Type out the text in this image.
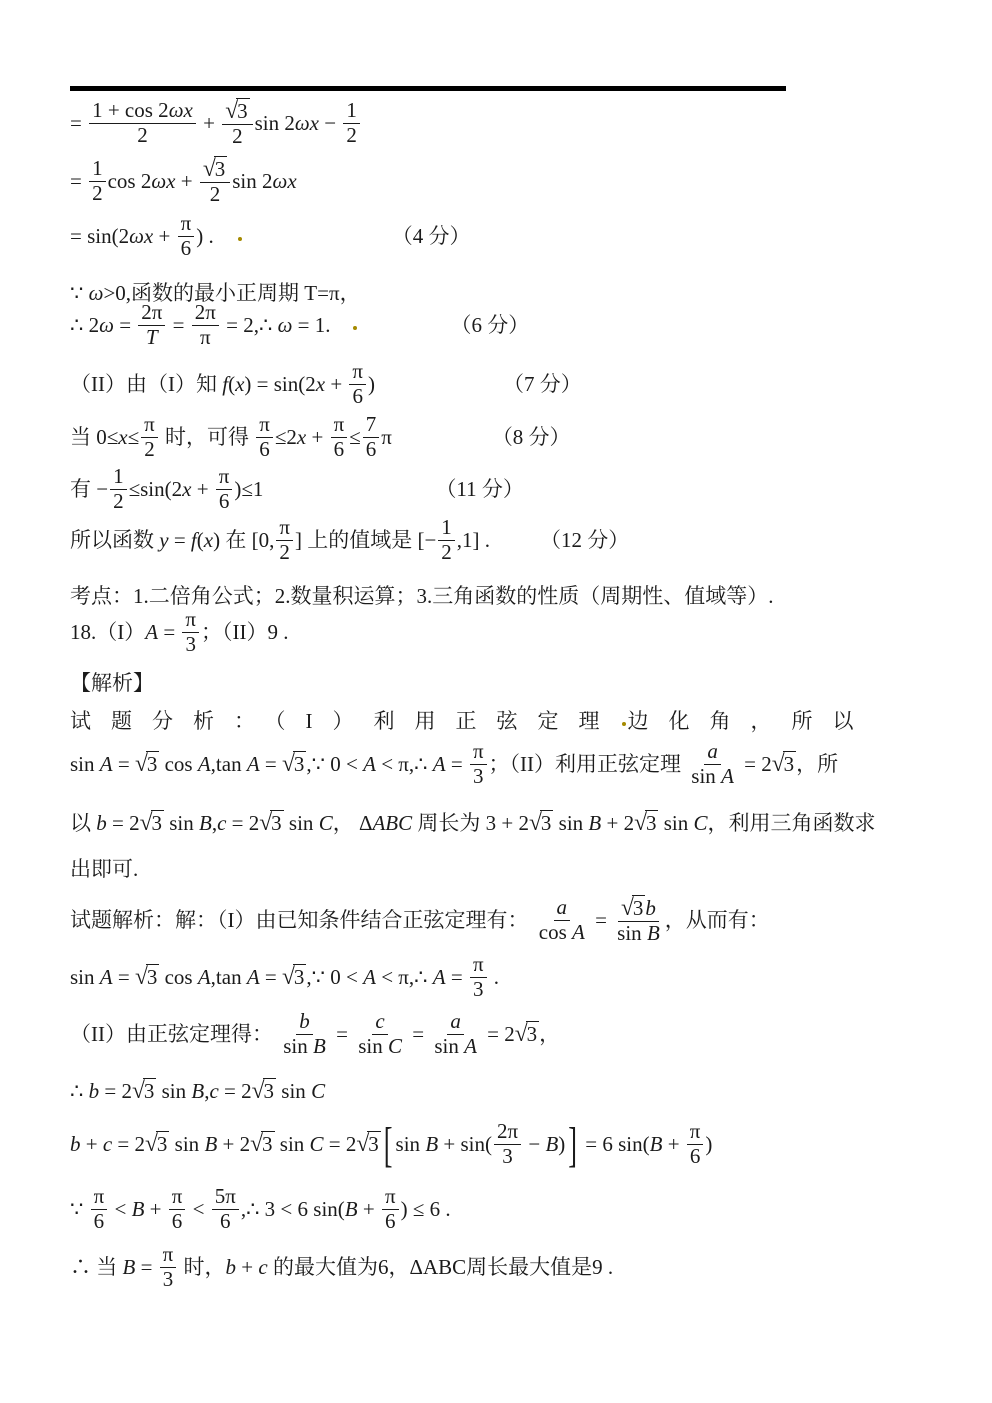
= $\frac{1 + \cos 2\omega x}{2} + \frac{√3}{2}$ $\sin 2\omega x - \frac{1}{2}$
= $\frac{1}{2}$ $\cos 2\omega x + \frac{√3}{2}$ sin 2ωx
= $\sin(2\omega x + \frac{\pi}{6}$ ) .	（4 分）
∵ ω>0,函数的最小正周期 T=π，
∴ $2\omega = \frac{2\pi}{T} = \frac{2\pi}{\pi}$ = 2,∴ ω = 1.	（6 分）
（II）由（I）知 $f(x) = \sin(2x + \frac{\pi}{6}$ )	（7 分）
当 $0\le x\le \frac{\pi}{2}$ 时，可得 $\frac{\pi}{6} \le 2x + \frac{\pi}{6} \le \frac{7}{6}$ π	（8 分）
有 − $\frac{1}{2} \le\sin(2x + \frac{\pi}{6} )\le 1$	（11 分）
所以函数 y = f(x) 在 [0, $\frac{\pi}{2}$ ] 上的值域是 [− $\frac{1}{2} ,1$] . （12 分）
考点：1.二倍角公式；2.数量积运算；3.三角函数的性质（周期性、值域等）.
$18.(I)A = \frac{\pi}{3}$ ；（II）9 .
【解析】
试题分析：（I）利用正弦定理 边化角，所以
sin A = √3 cos A,tan A = √3,∵ 0 < A < π,∴ $A = \frac{\pi}{3}$ ；（II）利用正弦定理 $\frac{a}{\text{sin A}} = 2√3$，所
以 b = 2√3 sin B,c = 2√3 sin C， ΔABC 周长为 3 + 2√3 sin B + 2√3 sin C，利用三角函数求
出即可.
试题解析：解：（I）由已知条件结合正弦定理有： $\frac{a}{\text{cos A}} = \frac{√3b}{\text{sin B}}$ ，从而有：
sin A = √3 cos A,tan A = √3,∵ 0 < A < π,∴ $A = \frac{\pi}{3}$ .
（II）由正弦定理得： $\frac{b}{\text{sin B}} = \frac{c}{\text{sin C}} = \frac{a}{\text{sin A}} = 2√3$，
∴ b = 2√3 sin B,c = 2√3 sin C
b + c = 2√3 sin B + 2√3 sin C = 2√3 [ $\sin B + \sin( \frac{2\pi}{3} - B)$ ] = 6 $\sin(B + \frac{\pi}{6}$ )
∵ $\frac{\pi}{6} < B + \frac{\pi}{6} < \frac{5\pi}{6}$ ,∴ 3 < 6 $\sin(B + \frac{\pi}{6}$ ) ≤ 6 .
∴ 当 $B = \frac{\pi}{3}$ 时，b + c 的最大值为6，ΔABC周长最大值是9 .
